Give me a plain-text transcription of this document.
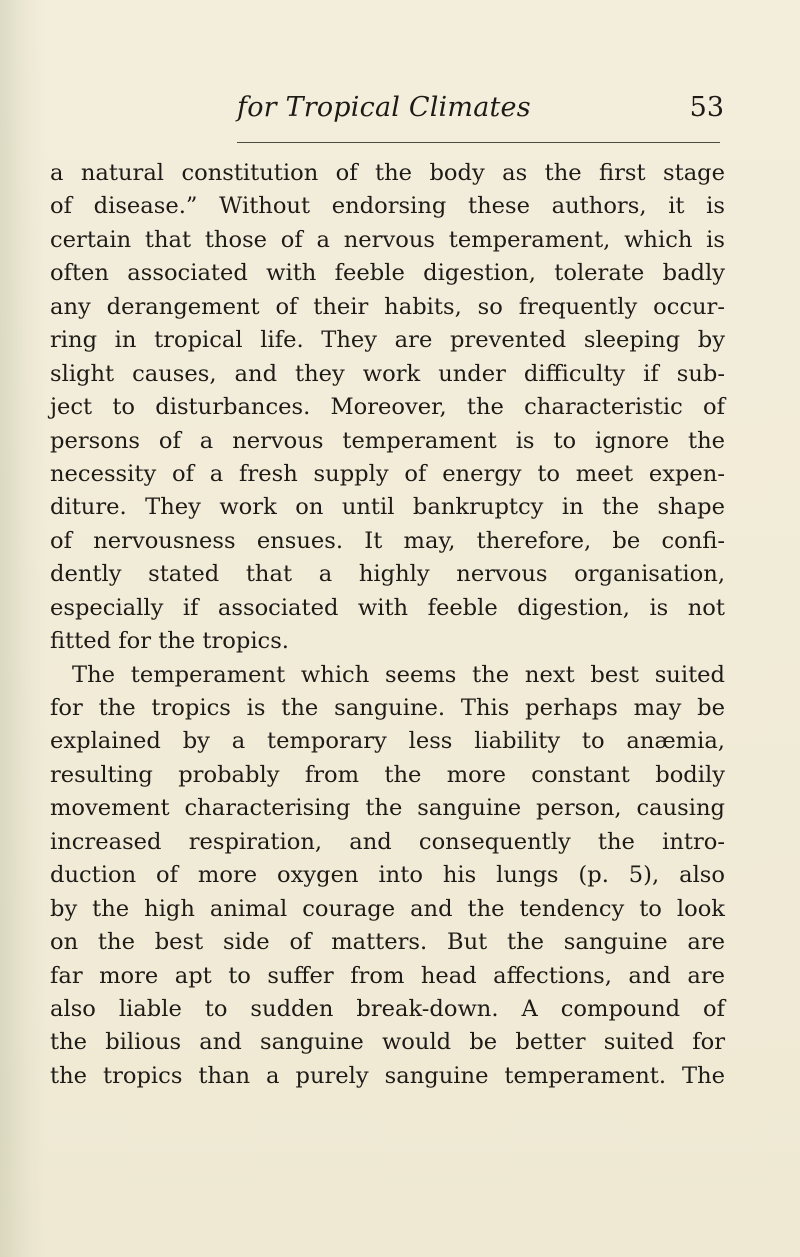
for Tropical Climates	53
a natural constitution of the body as the first stage
of disease.” Without endorsing these authors, it is
certain that those of a nervous temperament, which is
often associated with feeble digestion, tolerate badly
any derangement of their habits, so frequently occur-
ring in tropical life. They are prevented sleeping by
slight causes, and they work under difficulty if sub-
ject to disturbances. Moreover, the characteristic of
persons of a nervous temperament is to ignore the
necessity of a fresh supply of energy to meet expen-
diture. They work on until bankruptcy in the shape
of nervousness ensues. It may, therefore, be confi-
dently stated that a highly nervous organisation,
especially if associated with feeble digestion, is not
fitted for the tropics.
The temperament which seems the next best suited
for the tropics is the sanguine. This perhaps may be
explained by a temporary less liability to anæmia,
resulting probably from the more constant bodily
movement characterising the sanguine person, causing
increased respiration, and consequently the intro-
duction of more oxygen into his lungs (p. 5), also
by the high animal courage and the tendency to look
on the best side of matters. But the sanguine are
far more apt to suffer from head affections, and are
also liable to sudden break-down. A compound of
the bilious and sanguine would be better suited for
the tropics than a purely sanguine temperament. The
